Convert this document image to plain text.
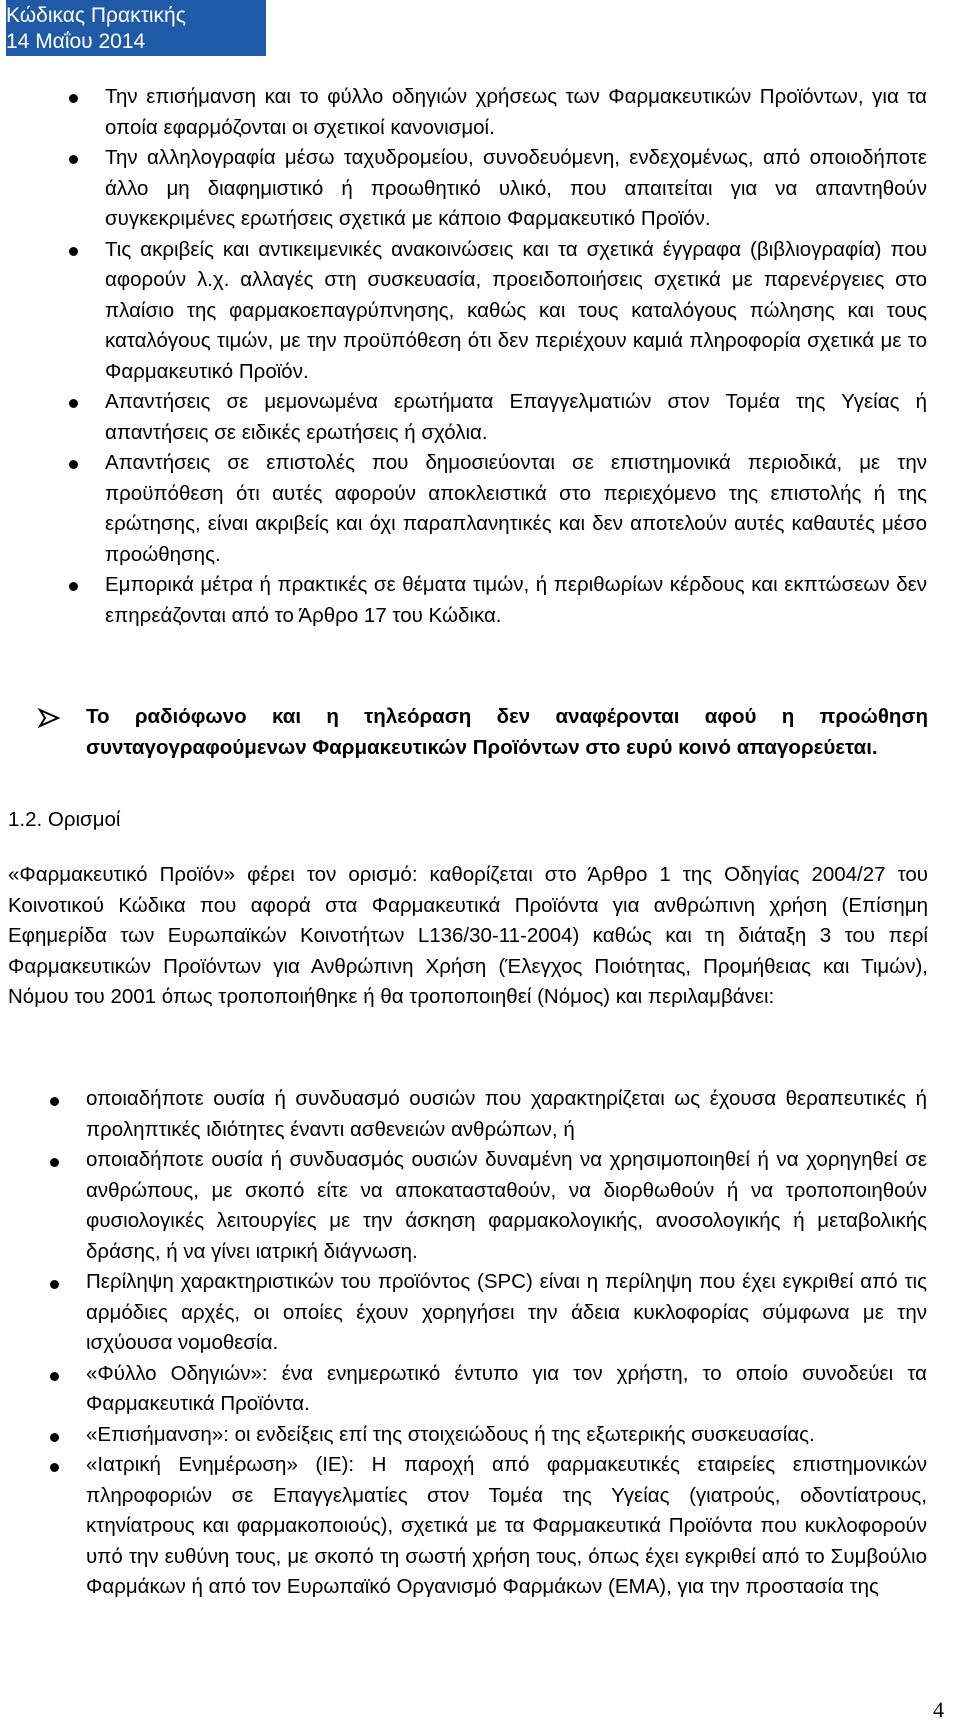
Κώδικας Πρακτικής
14 Μαΐου 2014
Την επισήμανση και το φύλλο οδηγιών χρήσεως των Φαρμακευτικών Προϊόντων, για τα οποία εφαρμόζονται οι σχετικοί κανονισμοί.
Την αλληλογραφία μέσω ταχυδρομείου, συνοδευόμενη, ενδεχομένως, από οποιοδήποτε άλλο μη διαφημιστικό ή προωθητικό υλικό, που απαιτείται για να απαντηθούν συγκεκριμένες ερωτήσεις σχετικά με κάποιο Φαρμακευτικό Προϊόν.
Τις ακριβείς και αντικειμενικές ανακοινώσεις και τα σχετικά έγγραφα (βιβλιογραφία) που αφορούν λ.χ. αλλαγές στη συσκευασία, προειδοποιήσεις σχετικά με παρενέργειες στο πλαίσιο της φαρμακοεπαγρύπνησης, καθώς και τους καταλόγους πώλησης και τους καταλόγους τιμών, με την προϋπόθεση ότι δεν περιέχουν καμιά πληροφορία σχετικά με το Φαρμακευτικό Προϊόν.
Απαντήσεις σε μεμονωμένα ερωτήματα Επαγγελματιών στον Τομέα της Υγείας ή απαντήσεις σε ειδικές ερωτήσεις ή σχόλια.
Απαντήσεις σε επιστολές που δημοσιεύονται σε επιστημονικά περιοδικά, με την προϋπόθεση ότι αυτές αφορούν αποκλειστικά στο περιεχόμενο της επιστολής ή της ερώτησης, είναι ακριβείς και όχι παραπλανητικές και δεν αποτελούν αυτές καθαυτές μέσο προώθησης.
Εμπορικά μέτρα ή πρακτικές σε θέματα τιμών, ή περιθωρίων κέρδους και εκπτώσεων δεν επηρεάζονται από το Άρθρο 17 του Κώδικα.
Το ραδιόφωνο και η τηλεόραση δεν αναφέρονται αφού η προώθηση συνταγογραφούμενων Φαρμακευτικών Προϊόντων στο ευρύ κοινό απαγορεύεται.
1.2. Ορισμοί
«Φαρμακευτικό Προϊόν» φέρει τον ορισμό: καθορίζεται στο Άρθρο 1 της Οδηγίας 2004/27 του Κοινοτικού Κώδικα που αφορά στα Φαρμακευτικά Προϊόντα για ανθρώπινη χρήση (Επίσημη Εφημερίδα των Ευρωπαϊκών Κοινοτήτων L136/30-11-2004) καθώς και τη διάταξη 3 του περί Φαρμακευτικών Προϊόντων για Ανθρώπινη Χρήση (Έλεγχος Ποιότητας, Προμήθειας και Τιμών), Νόμου του 2001 όπως τροποποιήθηκε ή θα τροποποιηθεί (Νόμος) και περιλαμβάνει:
οποιαδήποτε ουσία ή συνδυασμό ουσιών που χαρακτηρίζεται ως έχουσα θεραπευτικές ή προληπτικές ιδιότητες έναντι ασθενειών ανθρώπων, ή
οποιαδήποτε ουσία ή συνδυασμός ουσιών δυναμένη να χρησιμοποιηθεί ή να χορηγηθεί σε ανθρώπους, με σκοπό είτε να αποκατασταθούν, να διορθωθούν ή να τροποποιηθούν φυσιολογικές λειτουργίες με την άσκηση φαρμακολογικής, ανοσολογικής ή μεταβολικής δράσης, ή να γίνει ιατρική διάγνωση.
Περίληψη χαρακτηριστικών του προϊόντος (SPC) είναι η περίληψη που έχει εγκριθεί από τις αρμόδιες αρχές, οι οποίες έχουν χορηγήσει την άδεια κυκλοφορίας σύμφωνα με την ισχύουσα νομοθεσία.
«Φύλλο Οδηγιών»: ένα ενημερωτικό έντυπο για τον χρήστη, το οποίο συνοδεύει τα Φαρμακευτικά Προϊόντα.
«Επισήμανση»: οι ενδείξεις επί της στοιχειώδους ή της εξωτερικής συσκευασίας.
«Ιατρική Ενημέρωση» (ΙΕ): Η παροχή από φαρμακευτικές εταιρείες επιστημονικών πληροφοριών σε Επαγγελματίες στον Τομέα της Υγείας (γιατρούς, οδοντίατρους, κτηνίατρους και φαρμακοποιούς), σχετικά με τα Φαρμακευτικά Προϊόντα που κυκλοφορούν υπό την ευθύνη τους, με σκοπό τη σωστή χρήση τους, όπως έχει εγκριθεί από το Συμβούλιο Φαρμάκων ή από τον Ευρωπαϊκό Οργανισμό Φαρμάκων (ΕΜΑ), για την προστασία της
4
